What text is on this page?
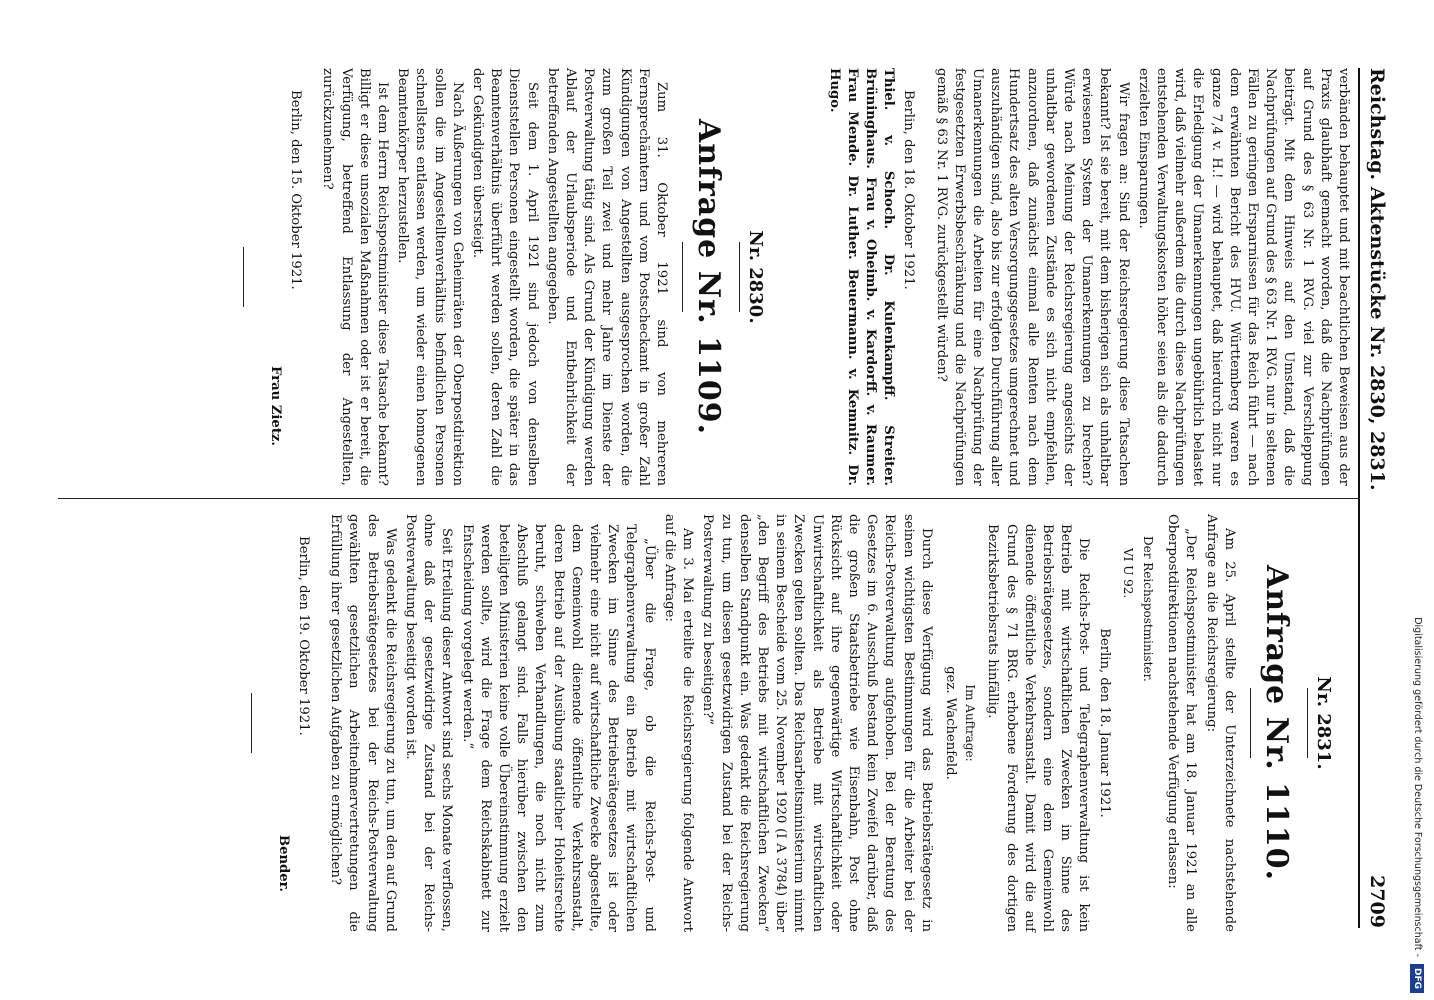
Reichstag. Aktenstücke Nr. 2830, 2831.
2709

verbänden behauptet und mit beachtlichen Beweisen aus der Praxis glaubhaft gemacht worden, daß die Nachprüfungen auf Grund des § 63 Nr. 1 RVG. viel zur Verschleppung beiträgt. Mit dem Hinweis auf den Umstand, daß die Nachprüfungen auf Grund des § 63 Nr. 1 RVG. nur in seltenen Fällen zu geringen Ersparnissen für das Reich führt — nach dem erwähnten Bericht des HVU. Württemberg waren es ganze 7,4 v. H.! — wird behauptet, daß hierdurch nicht nur die Erledigung der Umanerkennungen ungebührlich belastet wird, daß vielmehr außerdem die durch diese Nachprüfungen entstehenden Verwaltungskosten höher seien als die dadurch erzielten Einsparungen.

Wir fragen an: Sind der Reichsregierung diese Tatsachen bekannt? Ist sie bereit, mit dem bisherigen sich als unhaltbar erwiesenen System der Umanerkennungen zu brechen? Würde nach Meinung der Reichsregierung angesichts der unhaltbar gewordenen Zustände es sich nicht empfehlen, anzuordnen, daß zunächst einmal alle Renten nach dem Hundertsatz des alten Versorgungsgesetzes umgerechnet und auszuhändigen sind, also bis zur erfolgten Durchführung aller Umanerkennungen die Arbeiten für eine Nachprüfung der festgesetzten Erwerbsbeschränkung und die Nachprüfungen gemäß § 63 Nr. 1 RVG. zurückgestellt würden?

Berlin, den 18. Oktober 1921.

Thiel. v. Schoch. Dr. Kulenkampff. Streiter. Brüninghaus. Frau v. Oheimb. v. Kardorff. v. Raumer. Frau Mende. Dr. Luther. Beuermann. v. Kemnitz. Dr. Hugo.

Nr. 2830.

Anfrage Nr. 1109.

Zum 31. Oktober 1921 sind von mehreren Fernsprechämtern und vom Postscheckamt in großer Zahl Kündigungen von Angestellten ausgesprochen worden, die zum großen Teil zwei und mehr Jahre im Dienste der Postverwaltung tätig sind. Als Grund der Kündigung werden Ablauf der Urlaubsperiode und Entbehrlichkeit der betreffenden Angestellten angegeben.

Seit dem 1. April 1921 sind jedoch von denselben Dienststellen Personen eingestellt worden, die später in das Beamtenverhältnis überführt werden sollen, deren Zahl die der Gekündigten übersteigt.

Nach Äußerungen von Geheimräten der Oberpostdirektion sollen die im Angestelltenverhältnis befindlichen Personen schnellstens entlassen werden, um wieder einen homogenen Beamtenkörper herzustellen.

Ist dem Herrn Reichspostminister diese Tatsache bekannt? Billigt er diese unsozialen Maßnahmen oder ist er bereit, die Verfügung, betreffend Entlassung der Angestellten, zurückzunehmen?

Berlin, den 15. Oktober 1921.

Frau Zietz.

Nr. 2831.

Anfrage Nr. 1110.

Am 25. April stellte der Unterzeichnete nachstehende Anfrage an die Reichsregierung:

„Der Reichspostminister hat am 18. Januar 1921 an alle Oberpostdirektionen nachstehende Verfügung erlassen:

Der Reichspostminister.

VI U 92.

Berlin, den 18. Januar 1921.

Die Reichs-Post- und Telegraphenverwaltung ist kein Betrieb mit wirtschaftlichen Zwecken im Sinne des Betriebsrätegesetzes, sondern eine dem Gemeinwohl dienende öffentliche Verkehrsanstalt. Damit wird die auf Grund des § 71 BRG. erhobene Forderung des dortigen Bezirksbetriebsrats hinfällig.

Im Auftrage:

gez. Wachenfeld.

Durch diese Verfügung wird das Betriebsrätegesetz in seinen wichtigsten Bestimmungen für die Arbeiter bei der Reichs-Postverwaltung aufgehoben. Bei der Beratung des Gesetzes im 6. Ausschuß bestand kein Zweifel darüber, daß die großen Staatsbetriebe wie Eisenbahn, Post ohne Rücksicht auf ihre gegenwärtige Wirtschaftlichkeit oder Unwirtschaftlichkeit als Betriebe mit wirtschaftlichen Zwecken gelten sollten. Das Reichsarbeitsministerium nimmt in seinem Bescheide vom 25. November 1920 (I A 3784) über „den Begriff des Betriebs mit wirtschaftlichen Zwecken“ denselben Standpunkt ein. Was gedenkt die Reichsregierung zu tun, um diesen gesetzwidrigen Zustand bei der Reichs-Postverwaltung zu beseitigen?“

Am 3. Mai erteilte die Reichsregierung folgende Antwort auf die Anfrage:

„Über die Frage, ob die Reichs-Post- und Telegraphenverwaltung ein Betrieb mit wirtschaftlichen Zwecken im Sinne des Betriebsrätegesetzes ist oder vielmehr eine nicht auf wirtschaftliche Zwecke abgestellte, dem Gemeinwohl dienende öffentliche Verkehrsanstalt, deren Betrieb auf der Ausübung staatlicher Hoheitsrechte beruht, schweben Verhandlungen, die noch nicht zum Abschluß gelangt sind. Falls hierüber zwischen den beteiligten Ministerien keine volle Übereinstimmung erzielt werden sollte, wird die Frage dem Reichskabinett zur Entscheidung vorgelegt werden.“

Seit Erteilung dieser Antwort sind sechs Monate verflossen, ohne daß der gesetzwidrige Zustand bei der Reichs-Postverwaltung beseitigt worden ist.

Was gedenkt die Reichsregierung zu tun, um den auf Grund des Betriebsrätegesetzes bei der Reichs-Postverwaltung gewählten gesetzlichen Arbeitnehmervertretungen die Erfüllung ihrer gesetzlichen Aufgaben zu ermöglichen?

Berlin, den 19. Oktober 1921.

Bender.	Digitalisierung gefördert durch die Deutsche Forschungsgemeinschaft - DFG
